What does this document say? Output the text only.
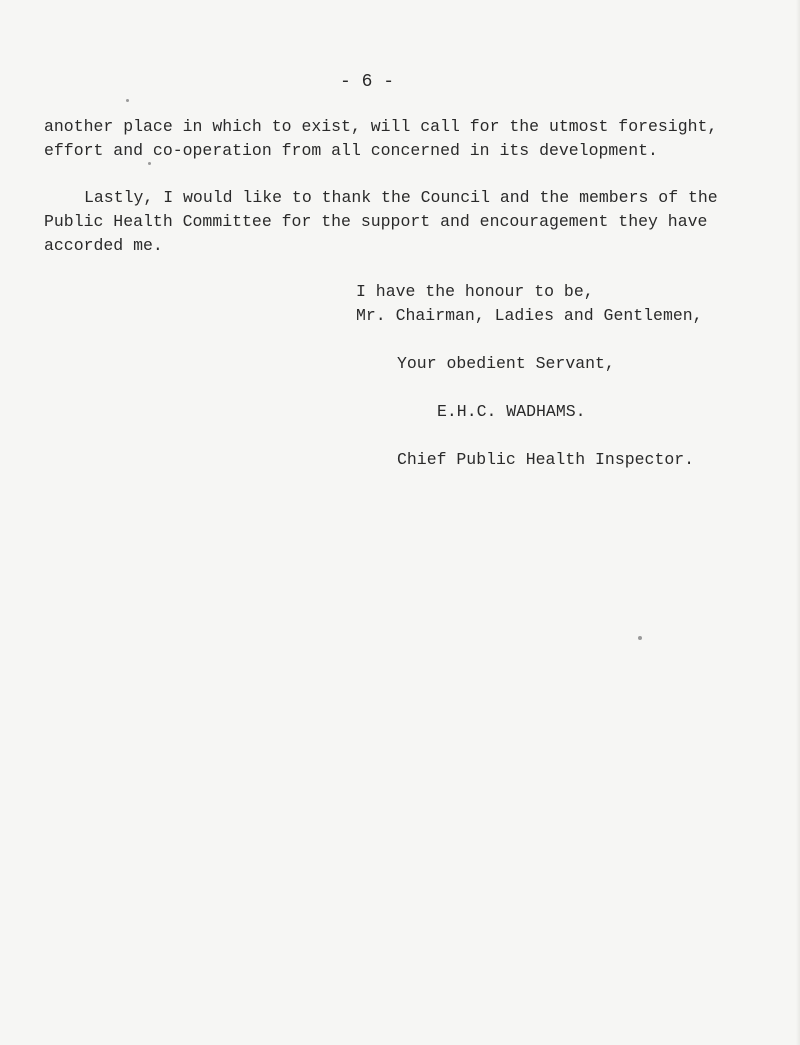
- 6 -
another place in which to exist, will call for the utmost foresight,
effort and co-operation from all concerned in its development.
Lastly, I would like to thank the Council and the members of the
Public Health Committee for the support and encouragement they have
accorded me.
I have the honour to be,
Mr. Chairman, Ladies and Gentlemen,
Your obedient Servant,
E.H.C. WADHAMS.
Chief Public Health Inspector.
